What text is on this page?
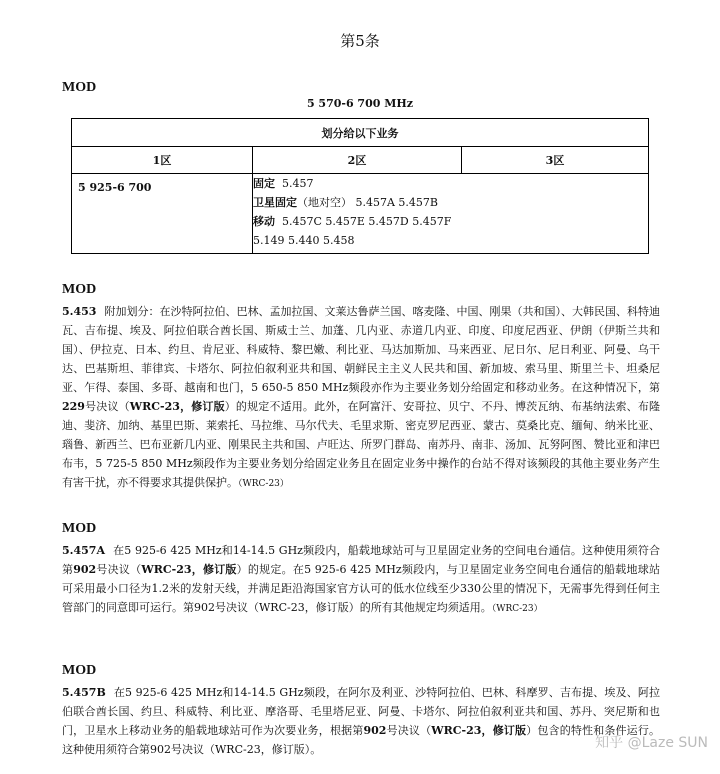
第5条
MOD
5 570-6 700 MHz
划分给以下业务		
1区	2区	3区
5 925-6 700	固定 5.457
卫星固定（地对空） 5.457A 5.457B
移动 5.457C 5.457E 5.457D 5.457F
5.149 5.440 5.458	
MOD
5.453 附加划分：在沙特阿拉伯、巴林、孟加拉国、文莱达鲁萨兰国、喀麦隆、中国、刚果（共和国）、大韩民国、科特迪瓦、吉布提、埃及、阿拉伯联合酋长国、斯威士兰、加蓬、几内亚、赤道几内亚、印度、印度尼西亚、伊朗（伊斯兰共和国）、伊拉克、日本、约旦、肯尼亚、科威特、黎巴嫩、利比亚、马达加斯加、马来西亚、尼日尔、尼日利亚、阿曼、乌干达、巴基斯坦、菲律宾、卡塔尔、阿拉伯叙利亚共和国、朝鲜民主主义人民共和国、新加坡、索马里、斯里兰卡、坦桑尼亚、乍得、泰国、多哥、越南和也门，5 650-5 850 MHz频段亦作为主要业务划分给固定和移动业务。在这种情况下，第229号决议（WRC-23，修订版）的规定不适用。此外，在阿富汗、安哥拉、贝宁、不丹、博茨瓦纳、布基纳法索、布隆迪、斐济、加纳、基里巴斯、莱索托、马拉维、马尔代夫、毛里求斯、密克罗尼西亚、蒙古、莫桑比克、缅甸、纳米比亚、瑙鲁、新西兰、巴布亚新几内亚、刚果民主共和国、卢旺达、所罗门群岛、南苏丹、南非、汤加、瓦努阿图、赞比亚和津巴布韦，5 725-5 850 MHz频段作为主要业务划分给固定业务且在固定业务中操作的台站不得对该频段的其他主要业务产生有害干扰，亦不得要求其提供保护。（WRC-23）
MOD
5.457A 在5 925-6 425 MHz和14-14.5 GHz频段内，船载地球站可与卫星固定业务的空间电台通信。这种使用须符合第902号决议（WRC-23，修订版）的规定。在5 925-6 425 MHz频段内，与卫星固定业务空间电台通信的船载地球站可采用最小口径为1.2米的发射天线，并满足距沿海国家官方认可的低水位线至少330公里的情况下，无需事先得到任何主管部门的同意即可运行。第902号决议（WRC-23，修订版）的所有其他规定均须适用。（WRC-23）
MOD
5.457B 在5 925-6 425 MHz和14-14.5 GHz频段，在阿尔及利亚、沙特阿拉伯、巴林、科摩罗、吉布提、埃及、阿拉伯联合酋长国、约旦、科威特、利比亚、摩洛哥、毛里塔尼亚、阿曼、卡塔尔、阿拉伯叙利亚共和国、苏丹、突尼斯和也门，卫星水上移动业务的船载地球站可作为次要业务，根据第902号决议（WRC-23，修订版）包含的特性和条件运行。这种使用须符合第902号决议（WRC-23，修订版）。	知乎 @Laze SUN
